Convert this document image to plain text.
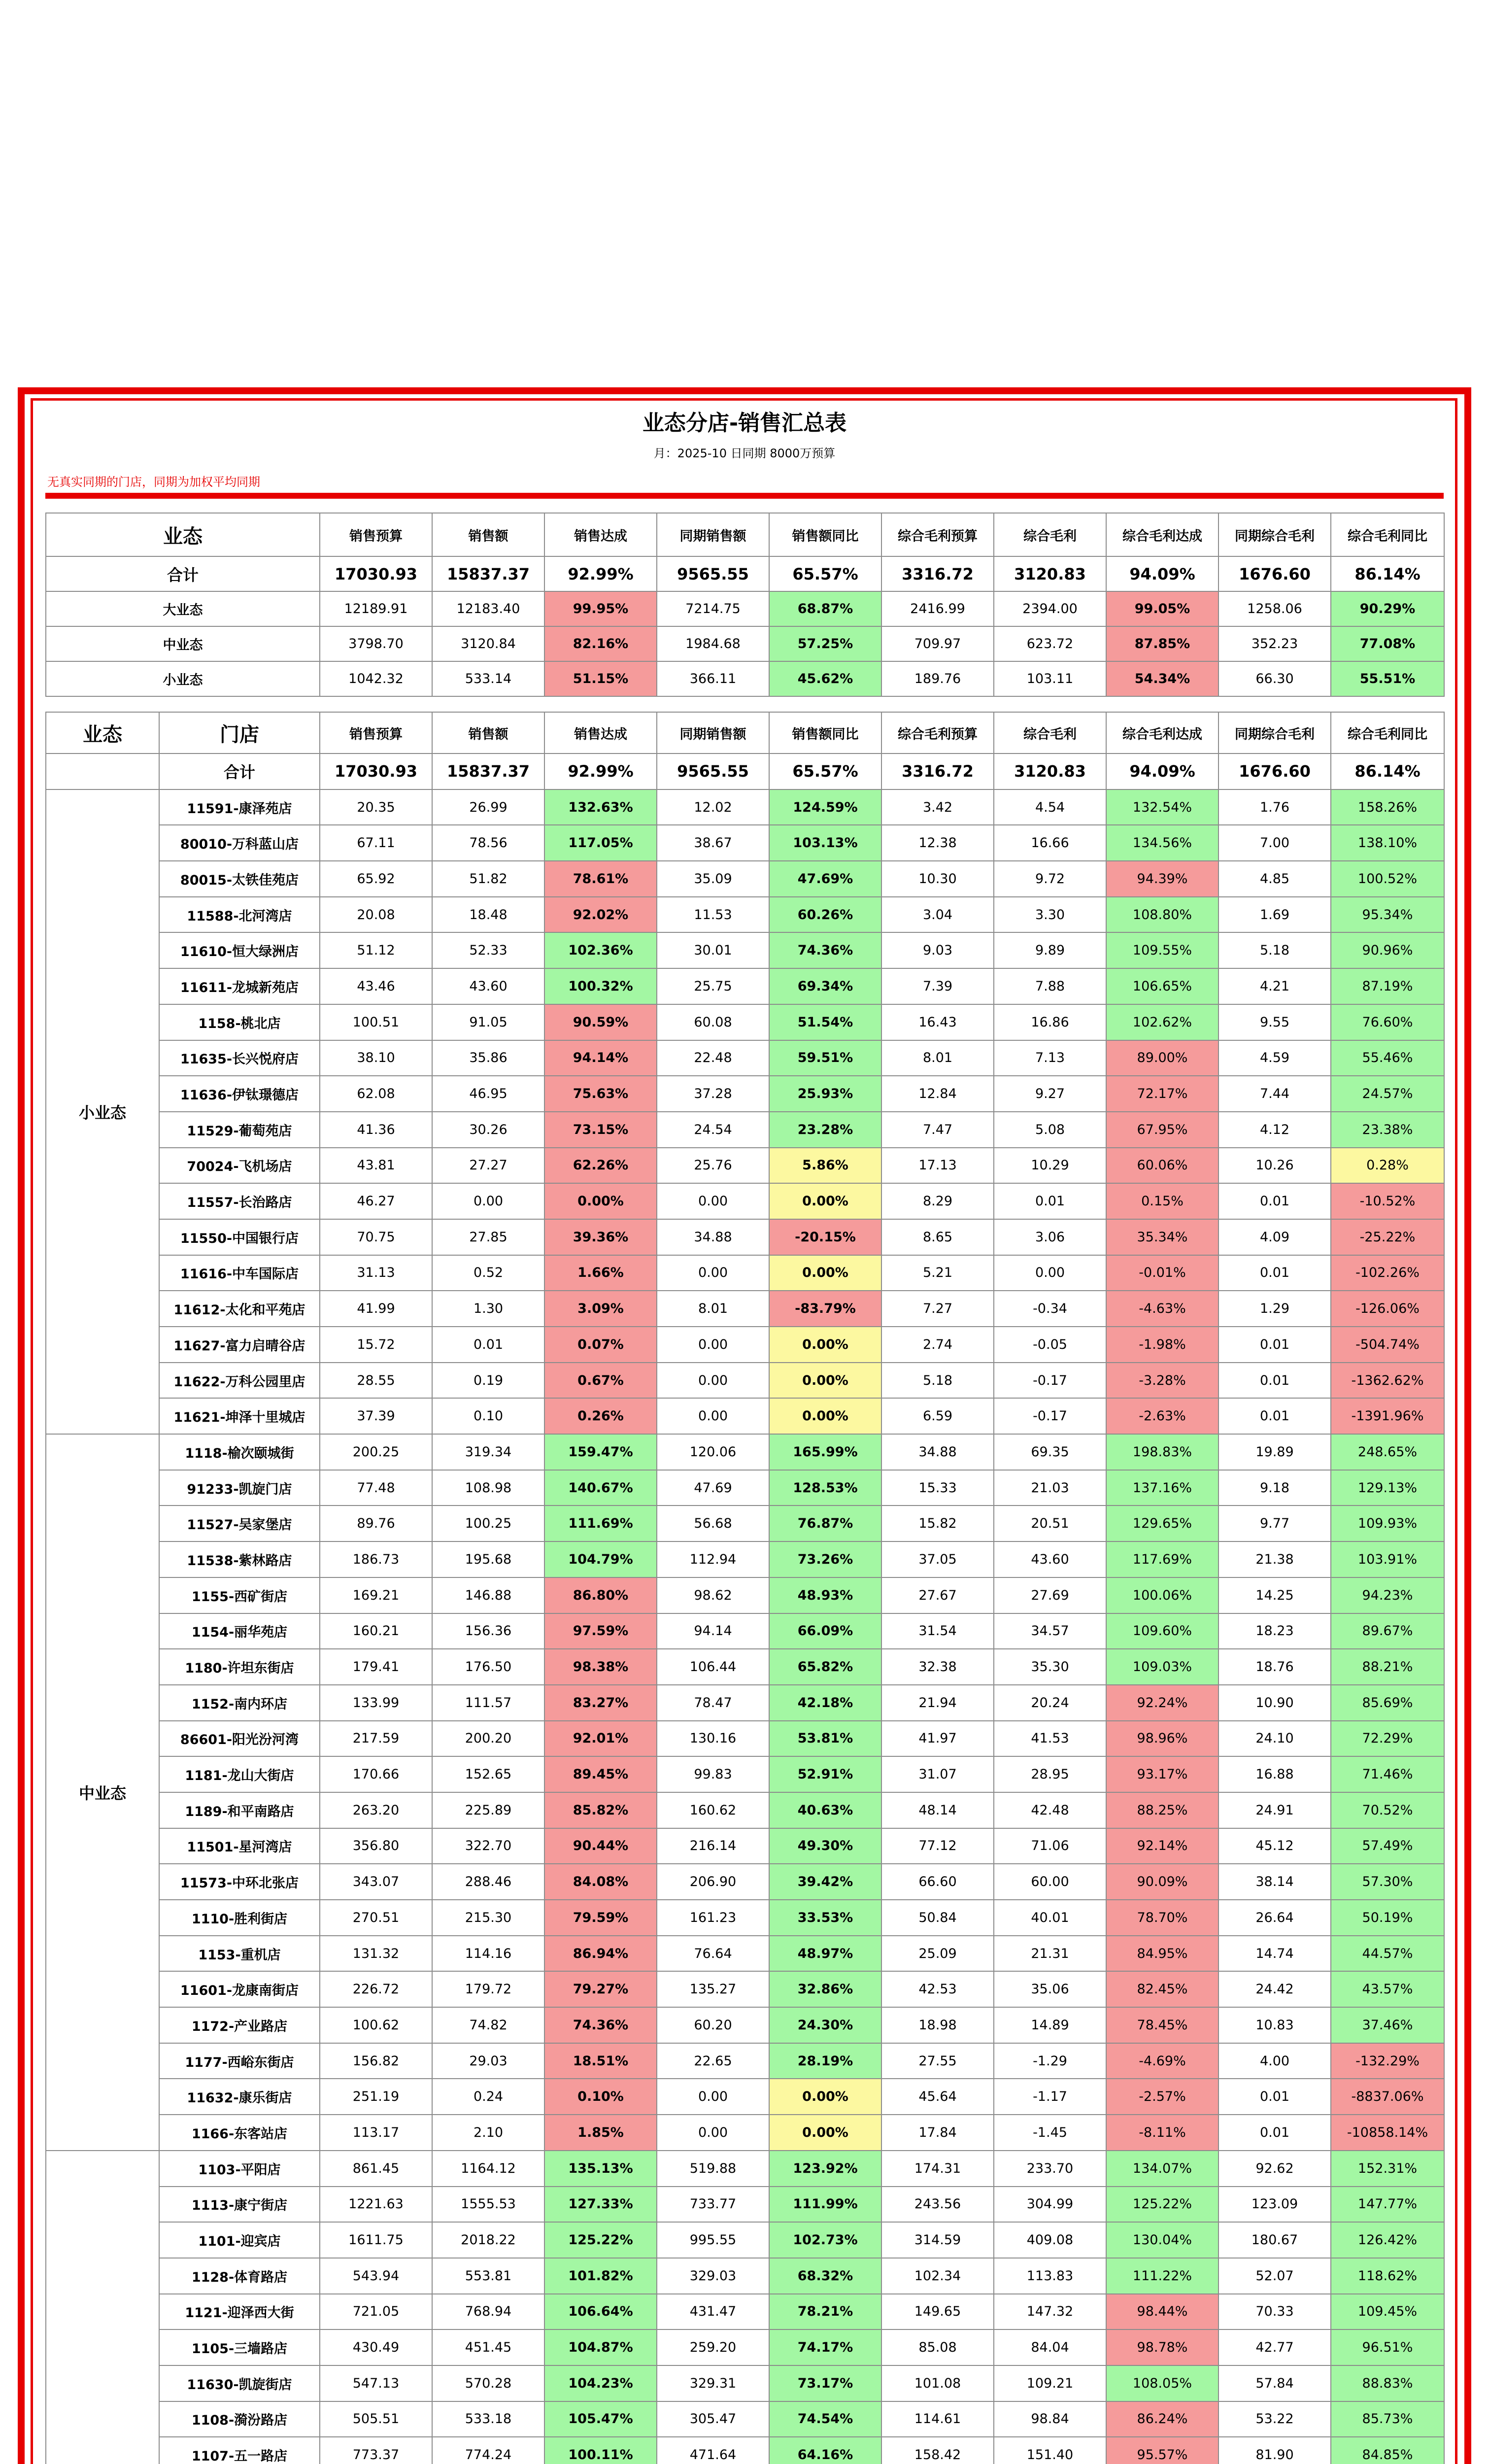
业态分店-销售汇总表
月：2025-10 日同期 8000万预算
无真实同期的门店，同期为加权平均同期
业态	销售预算	销售额	销售达成	同期销售额	销售额同比	综合毛利预算	综合毛利	综合毛利达成	同期综合毛利	综合毛利同比
合计	17030.93	15837.37	92.99%	9565.55	65.57%	3316.72	3120.83	94.09%	1676.60	86.14%
大业态	12189.91	12183.40	99.95%	7214.75	68.87%	2416.99	2394.00	99.05%	1258.06	90.29%
中业态	3798.70	3120.84	82.16%	1984.68	57.25%	709.97	623.72	87.85%	352.23	77.08%
小业态	1042.32	533.14	51.15%	366.11	45.62%	189.76	103.11	54.34%	66.30	55.51%
业态	门店	销售预算	销售额	销售达成	同期销售额	销售额同比	综合毛利预算	综合毛利	综合毛利达成	同期综合毛利	综合毛利同比
	合计	17030.93	15837.37	92.99%	9565.55	65.57%	3316.72	3120.83	94.09%	1676.60	86.14%
小业态	11591-康泽苑店	20.35	26.99	132.63%	12.02	124.59%	3.42	4.54	132.54%	1.76	158.26%
	80010-万科蓝山店	67.11	78.56	117.05%	38.67	103.13%	12.38	16.66	134.56%	7.00	138.10%
	80015-太铁佳苑店	65.92	51.82	78.61%	35.09	47.69%	10.30	9.72	94.39%	4.85	100.52%
	11588-北河湾店	20.08	18.48	92.02%	11.53	60.26%	3.04	3.30	108.80%	1.69	95.34%
	11610-恒大绿洲店	51.12	52.33	102.36%	30.01	74.36%	9.03	9.89	109.55%	5.18	90.96%
	11611-龙城新苑店	43.46	43.60	100.32%	25.75	69.34%	7.39	7.88	106.65%	4.21	87.19%
	1158-桃北店	100.51	91.05	90.59%	60.08	51.54%	16.43	16.86	102.62%	9.55	76.60%
	11635-长兴悦府店	38.10	35.86	94.14%	22.48	59.51%	8.01	7.13	89.00%	4.59	55.46%
	11636-伊钛璟德店	62.08	46.95	75.63%	37.28	25.93%	12.84	9.27	72.17%	7.44	24.57%
	11529-葡萄苑店	41.36	30.26	73.15%	24.54	23.28%	7.47	5.08	67.95%	4.12	23.38%
	70024-飞机场店	43.81	27.27	62.26%	25.76	5.86%	17.13	10.29	60.06%	10.26	0.28%
	11557-长治路店	46.27	0.00	0.00%	0.00	0.00%	8.29	0.01	0.15%	0.01	-10.52%
	11550-中国银行店	70.75	27.85	39.36%	34.88	-20.15%	8.65	3.06	35.34%	4.09	-25.22%
	11616-中车国际店	31.13	0.52	1.66%	0.00	0.00%	5.21	0.00	-0.01%	0.01	-102.26%
	11612-太化和平苑店	41.99	1.30	3.09%	8.01	-83.79%	7.27	-0.34	-4.63%	1.29	-126.06%
	11627-富力启晴谷店	15.72	0.01	0.07%	0.00	0.00%	2.74	-0.05	-1.98%	0.01	-504.74%
	11622-万科公园里店	28.55	0.19	0.67%	0.00	0.00%	5.18	-0.17	-3.28%	0.01	-1362.62%
	11621-坤泽十里城店	37.39	0.10	0.26%	0.00	0.00%	6.59	-0.17	-2.63%	0.01	-1391.96%
中业态	1118-榆次颐城街	200.25	319.34	159.47%	120.06	165.99%	34.88	69.35	198.83%	19.89	248.65%
	91233-凯旋门店	77.48	108.98	140.67%	47.69	128.53%	15.33	21.03	137.16%	9.18	129.13%
	11527-吴家堡店	89.76	100.25	111.69%	56.68	76.87%	15.82	20.51	129.65%	9.77	109.93%
	11538-紫林路店	186.73	195.68	104.79%	112.94	73.26%	37.05	43.60	117.69%	21.38	103.91%
	1155-西矿街店	169.21	146.88	86.80%	98.62	48.93%	27.67	27.69	100.06%	14.25	94.23%
	1154-丽华苑店	160.21	156.36	97.59%	94.14	66.09%	31.54	34.57	109.60%	18.23	89.67%
	1180-许坦东街店	179.41	176.50	98.38%	106.44	65.82%	32.38	35.30	109.03%	18.76	88.21%
	1152-南内环店	133.99	111.57	83.27%	78.47	42.18%	21.94	20.24	92.24%	10.90	85.69%
	86601-阳光汾河湾	217.59	200.20	92.01%	130.16	53.81%	41.97	41.53	98.96%	24.10	72.29%
	1181-龙山大街店	170.66	152.65	89.45%	99.83	52.91%	31.07	28.95	93.17%	16.88	71.46%
	1189-和平南路店	263.20	225.89	85.82%	160.62	40.63%	48.14	42.48	88.25%	24.91	70.52%
	11501-星河湾店	356.80	322.70	90.44%	216.14	49.30%	77.12	71.06	92.14%	45.12	57.49%
	11573-中环北张店	343.07	288.46	84.08%	206.90	39.42%	66.60	60.00	90.09%	38.14	57.30%
	1110-胜利街店	270.51	215.30	79.59%	161.23	33.53%	50.84	40.01	78.70%	26.64	50.19%
	1153-重机店	131.32	114.16	86.94%	76.64	48.97%	25.09	21.31	84.95%	14.74	44.57%
	11601-龙康南街店	226.72	179.72	79.27%	135.27	32.86%	42.53	35.06	82.45%	24.42	43.57%
	1172-产业路店	100.62	74.82	74.36%	60.20	24.30%	18.98	14.89	78.45%	10.83	37.46%
	1177-西峪东街店	156.82	29.03	18.51%	22.65	28.19%	27.55	-1.29	-4.69%	4.00	-132.29%
	11632-康乐街店	251.19	0.24	0.10%	0.00	0.00%	45.64	-1.17	-2.57%	0.01	-8837.06%
	1166-东客站店	113.17	2.10	1.85%	0.00	0.00%	17.84	-1.45	-8.11%	0.01	-10858.14%
	1103-平阳店	861.45	1164.12	135.13%	519.88	123.92%	174.31	233.70	134.07%	92.62	152.31%
	1113-康宁街店	1221.63	1555.53	127.33%	733.77	111.99%	243.56	304.99	125.22%	123.09	147.77%
	1101-迎宾店	1611.75	2018.22	125.22%	995.55	102.73%	314.59	409.08	130.04%	180.67	126.42%
	1128-体育路店	543.94	553.81	101.82%	329.03	68.32%	102.34	113.83	111.22%	52.07	118.62%
	1121-迎泽西大街	721.05	768.94	106.64%	431.47	78.21%	149.65	147.32	98.44%	70.33	109.45%
	1105-三墙路店	430.49	451.45	104.87%	259.20	74.17%	85.08	84.04	98.78%	42.77	96.51%
	11630-凯旋街店	547.13	570.28	104.23%	329.31	73.17%	101.08	109.21	108.05%	57.84	88.83%
	1108-漪汾路店	505.51	533.18	105.47%	305.47	74.54%	114.61	98.84	86.24%	53.22	85.73%
	1107-五一路店	773.37	774.24	100.11%	471.64	64.16%	158.42	151.40	95.57%	81.90	84.85%
